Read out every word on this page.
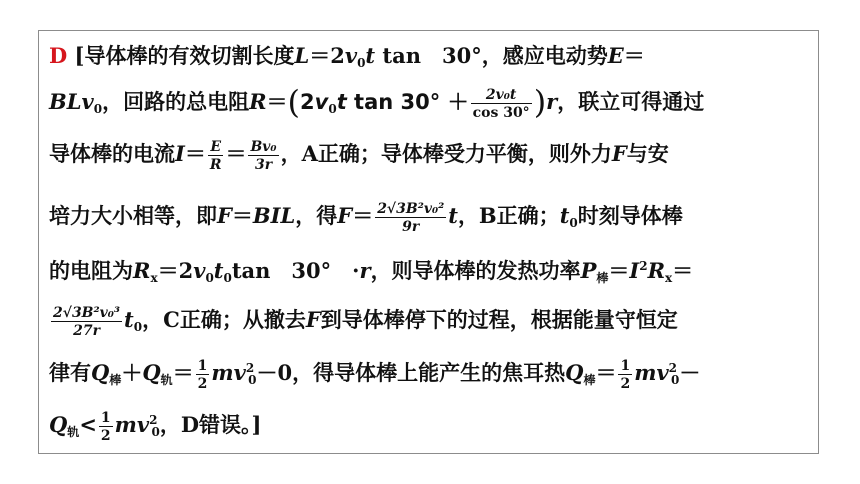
D [导体棒的有效切割长度$L=2v_0t$ tan　30°，感应电动势E＝
BLv$_0$，回路的总电阻$R=(2v_0t$ $\tan 30^\circ + \frac{\text{2v₀t}}{\cos 30^\circ} )r$，联立可得通过
导体棒的电流$I= \frac{E}{R} = \frac{\text{Bv₀}}{3r}$ ，A正确；导体棒受力平衡，则外力F与安
培力大小相等，即F＝BIL，得$F= \frac{\text{2√3B²v₀²}}{9r}$ t，B正确；$t_0$时刻导体棒
的电阻为$R_x=2v_0t_0\tan$　30°　·r，则导体棒的发热功率$P_棒=I^2R_x=$
$\frac{\text{2√3B²v₀³}}{27r} t_0$，C正确；从撤去F到导体棒停下的过程，根据能量守恒定
律有$Q_棒+Q_轨= \frac{1}{2} mv^2_0-0$，得导体棒上能产生的焦耳热$Q_棒= \frac{1}{2} mv^2_0-$
$Q_轨< \frac{1}{2} mv^2_0$，D错误。]
